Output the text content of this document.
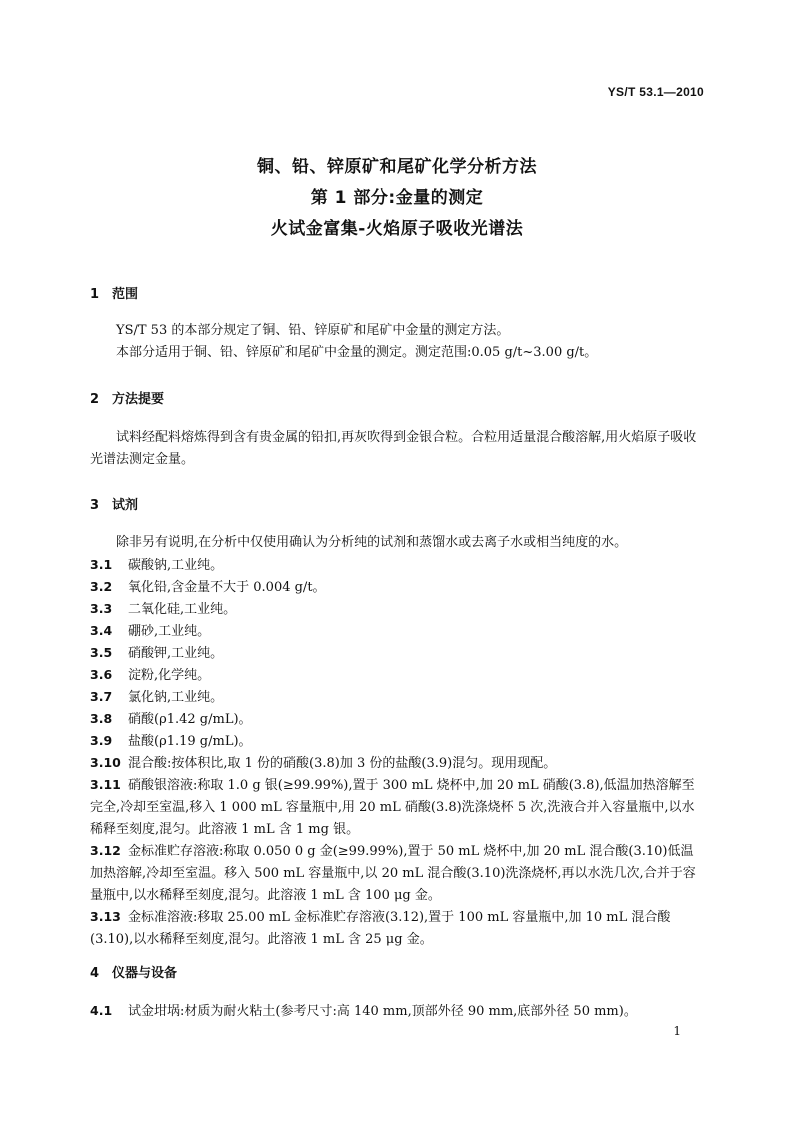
YS/T 53.1—2010
铜、铅、锌原矿和尾矿化学分析方法
第 1 部分:金量的测定
火试金富集-火焰原子吸收光谱法
1 范围
YS/T 53 的本部分规定了铜、铅、锌原矿和尾矿中金量的测定方法。
本部分适用于铜、铅、锌原矿和尾矿中金量的测定。测定范围:0.05 g/t~3.00 g/t。
2 方法提要
试料经配料熔炼得到含有贵金属的铅扣,再灰吹得到金银合粒。合粒用适量混合酸溶解,用火焰原子吸收光谱法测定金量。
3 试剂
除非另有说明,在分析中仅使用确认为分析纯的试剂和蒸馏水或去离子水或相当纯度的水。
3.1 碳酸钠,工业纯。
3.2 氧化铅,含金量不大于 0.004 g/t。
3.3 二氧化硅,工业纯。
3.4 硼砂,工业纯。
3.5 硝酸钾,工业纯。
3.6 淀粉,化学纯。
3.7 氯化钠,工业纯。
3.8 硝酸(ρ1.42 g/mL)。
3.9 盐酸(ρ1.19 g/mL)。
3.10 混合酸:按体积比,取 1 份的硝酸(3.8)加 3 份的盐酸(3.9)混匀。现用现配。
3.11 硝酸银溶液:称取 1.0 g 银(≥99.99%),置于 300 mL 烧杯中,加 20 mL 硝酸(3.8),低温加热溶解至完全,冷却至室温,移入 1 000 mL 容量瓶中,用 20 mL 硝酸(3.8)洗涤烧杯 5 次,洗液合并入容量瓶中,以水稀释至刻度,混匀。此溶液 1 mL 含 1 mg 银。
3.12 金标准贮存溶液:称取 0.050 0 g 金(≥99.99%),置于 50 mL 烧杯中,加 20 mL 混合酸(3.10)低温加热溶解,冷却至室温。移入 500 mL 容量瓶中,以 20 mL 混合酸(3.10)洗涤烧杯,再以水洗几次,合并于容量瓶中,以水稀释至刻度,混匀。此溶液 1 mL 含 100 μg 金。
3.13 金标准溶液:移取 25.00 mL 金标准贮存溶液(3.12),置于 100 mL 容量瓶中,加 10 mL 混合酸(3.10),以水稀释至刻度,混匀。此溶液 1 mL 含 25 μg 金。
4 仪器与设备
4.1 试金坩埚:材质为耐火粘土(参考尺寸:高 140 mm,顶部外径 90 mm,底部外径 50 mm)。
1
